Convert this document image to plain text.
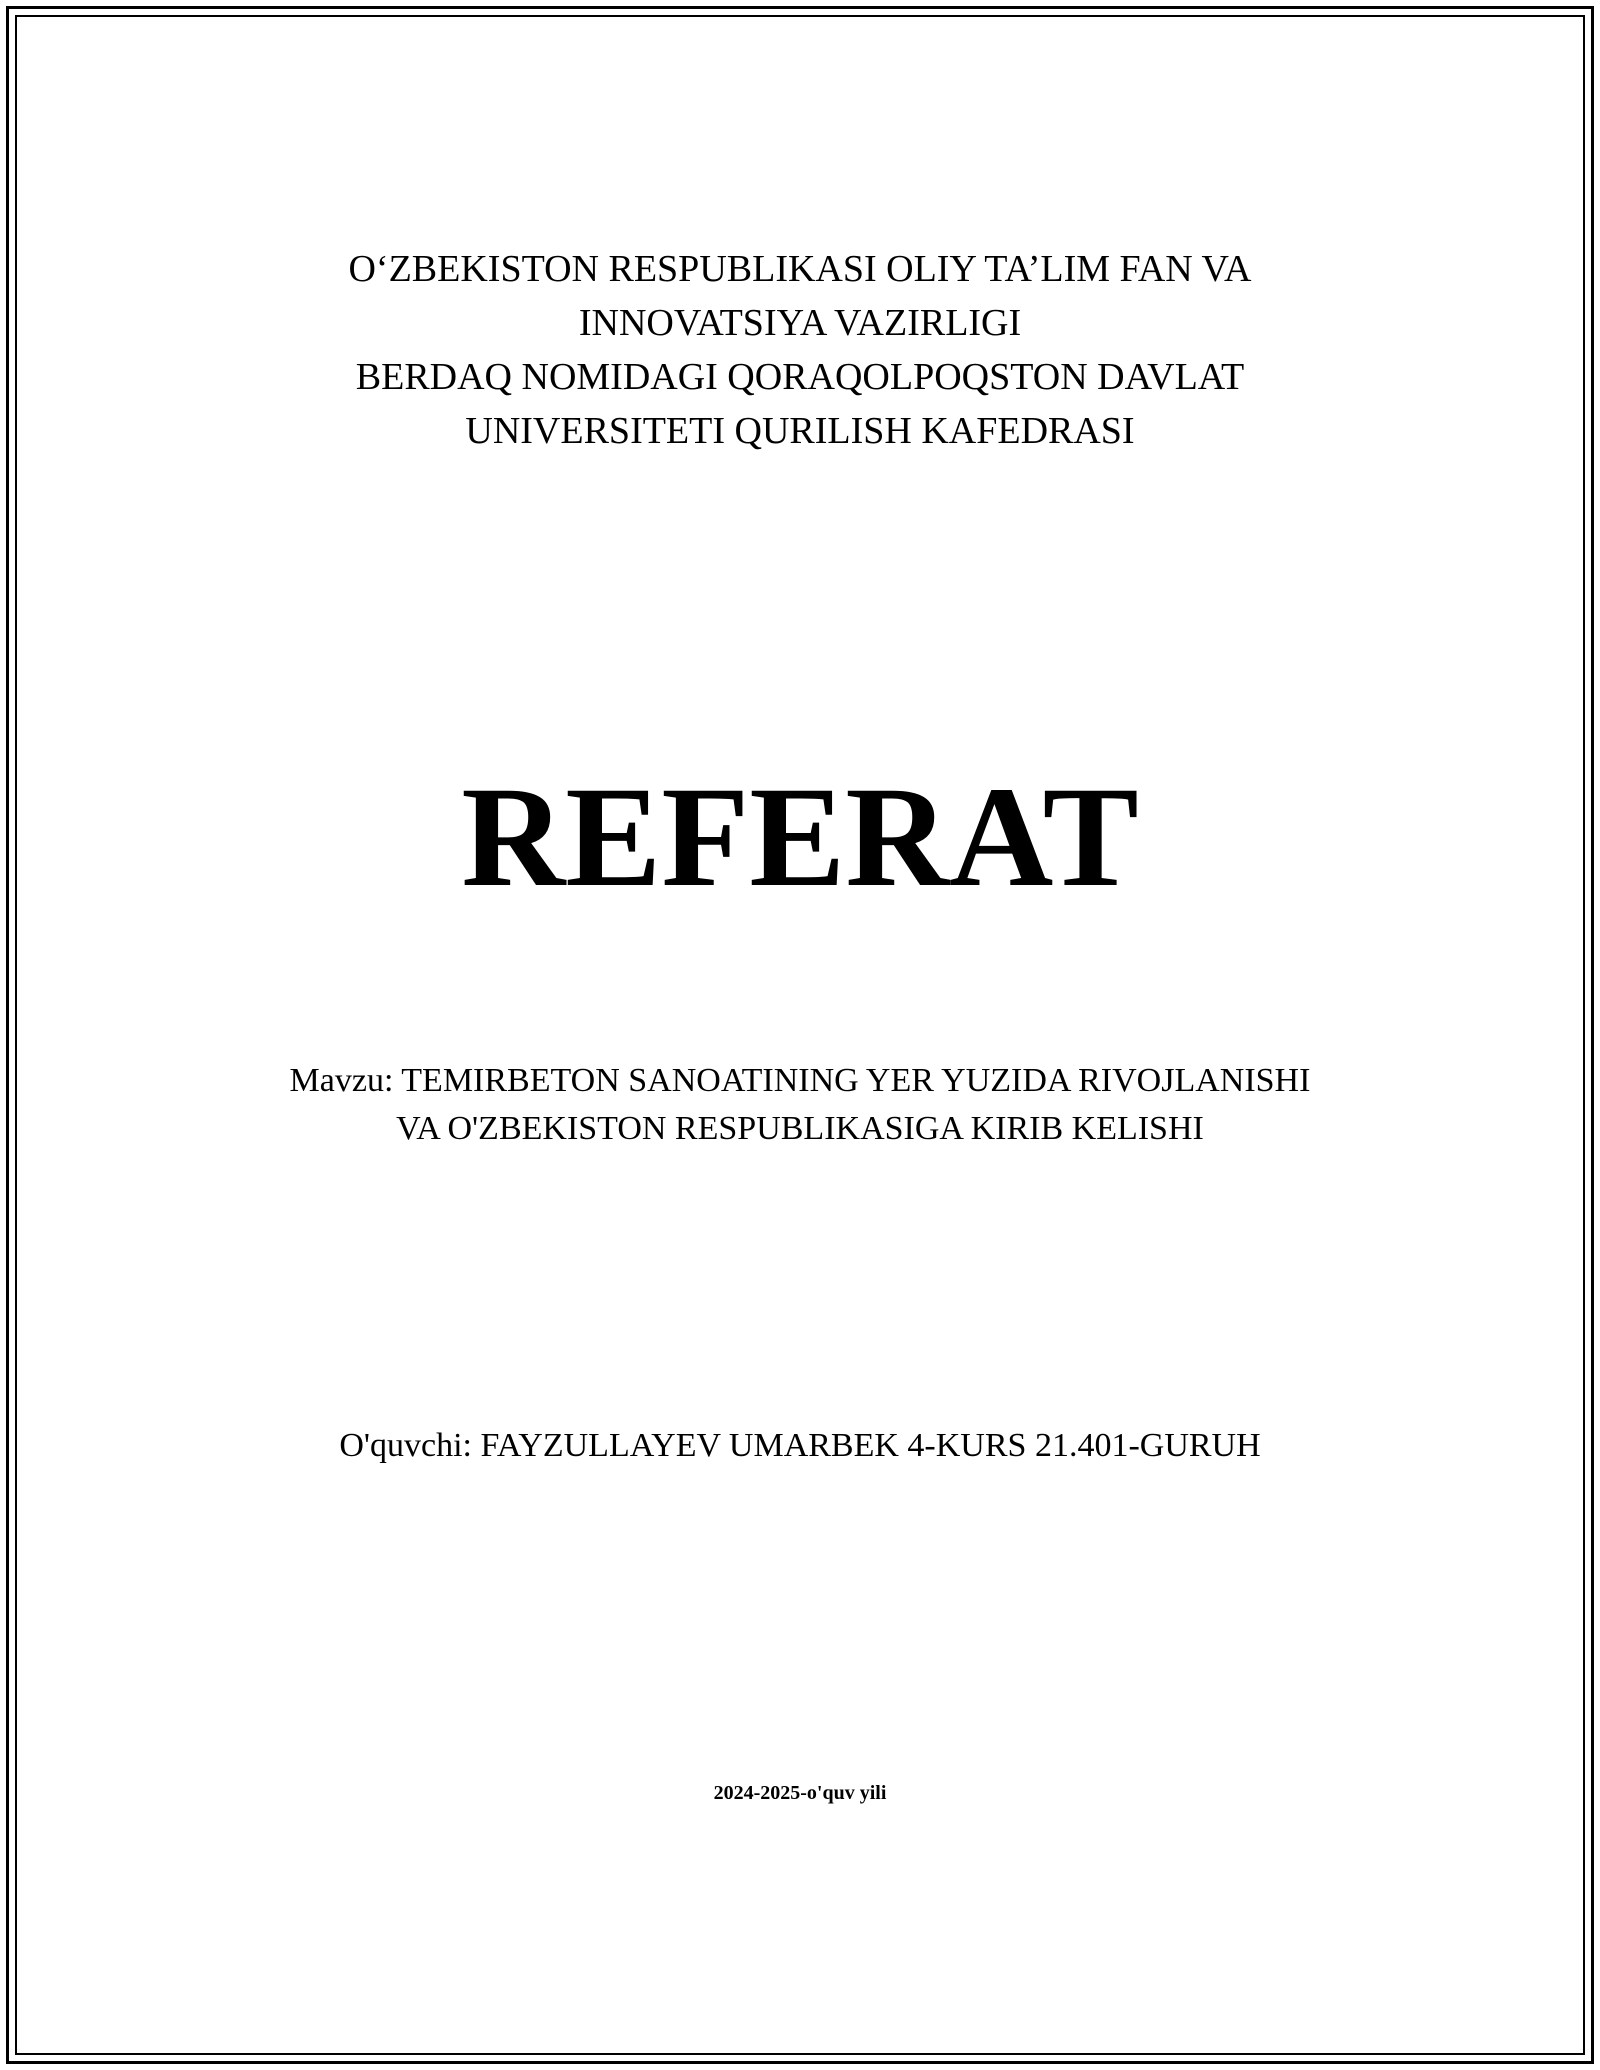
O‘ZBEKISTON RESPUBLIKASI OLIY TA’LIM FAN VA
INNOVATSIYA VAZIRLIGI
BERDAQ NOMIDAGI QORAQOLPOQSTON DAVLAT
UNIVERSITETI QURILISH KAFEDRASI
REFERAT
Mavzu: TEMIRBETON SANOATINING YER YUZIDA RIVOJLANISHI
VA O'ZBEKISTON RESPUBLIKASIGA KIRIB KELISHI
O'quvchi: FAYZULLAYEV UMARBEK 4-KURS 21.401-GURUH
2024-2025-o'quv yili
